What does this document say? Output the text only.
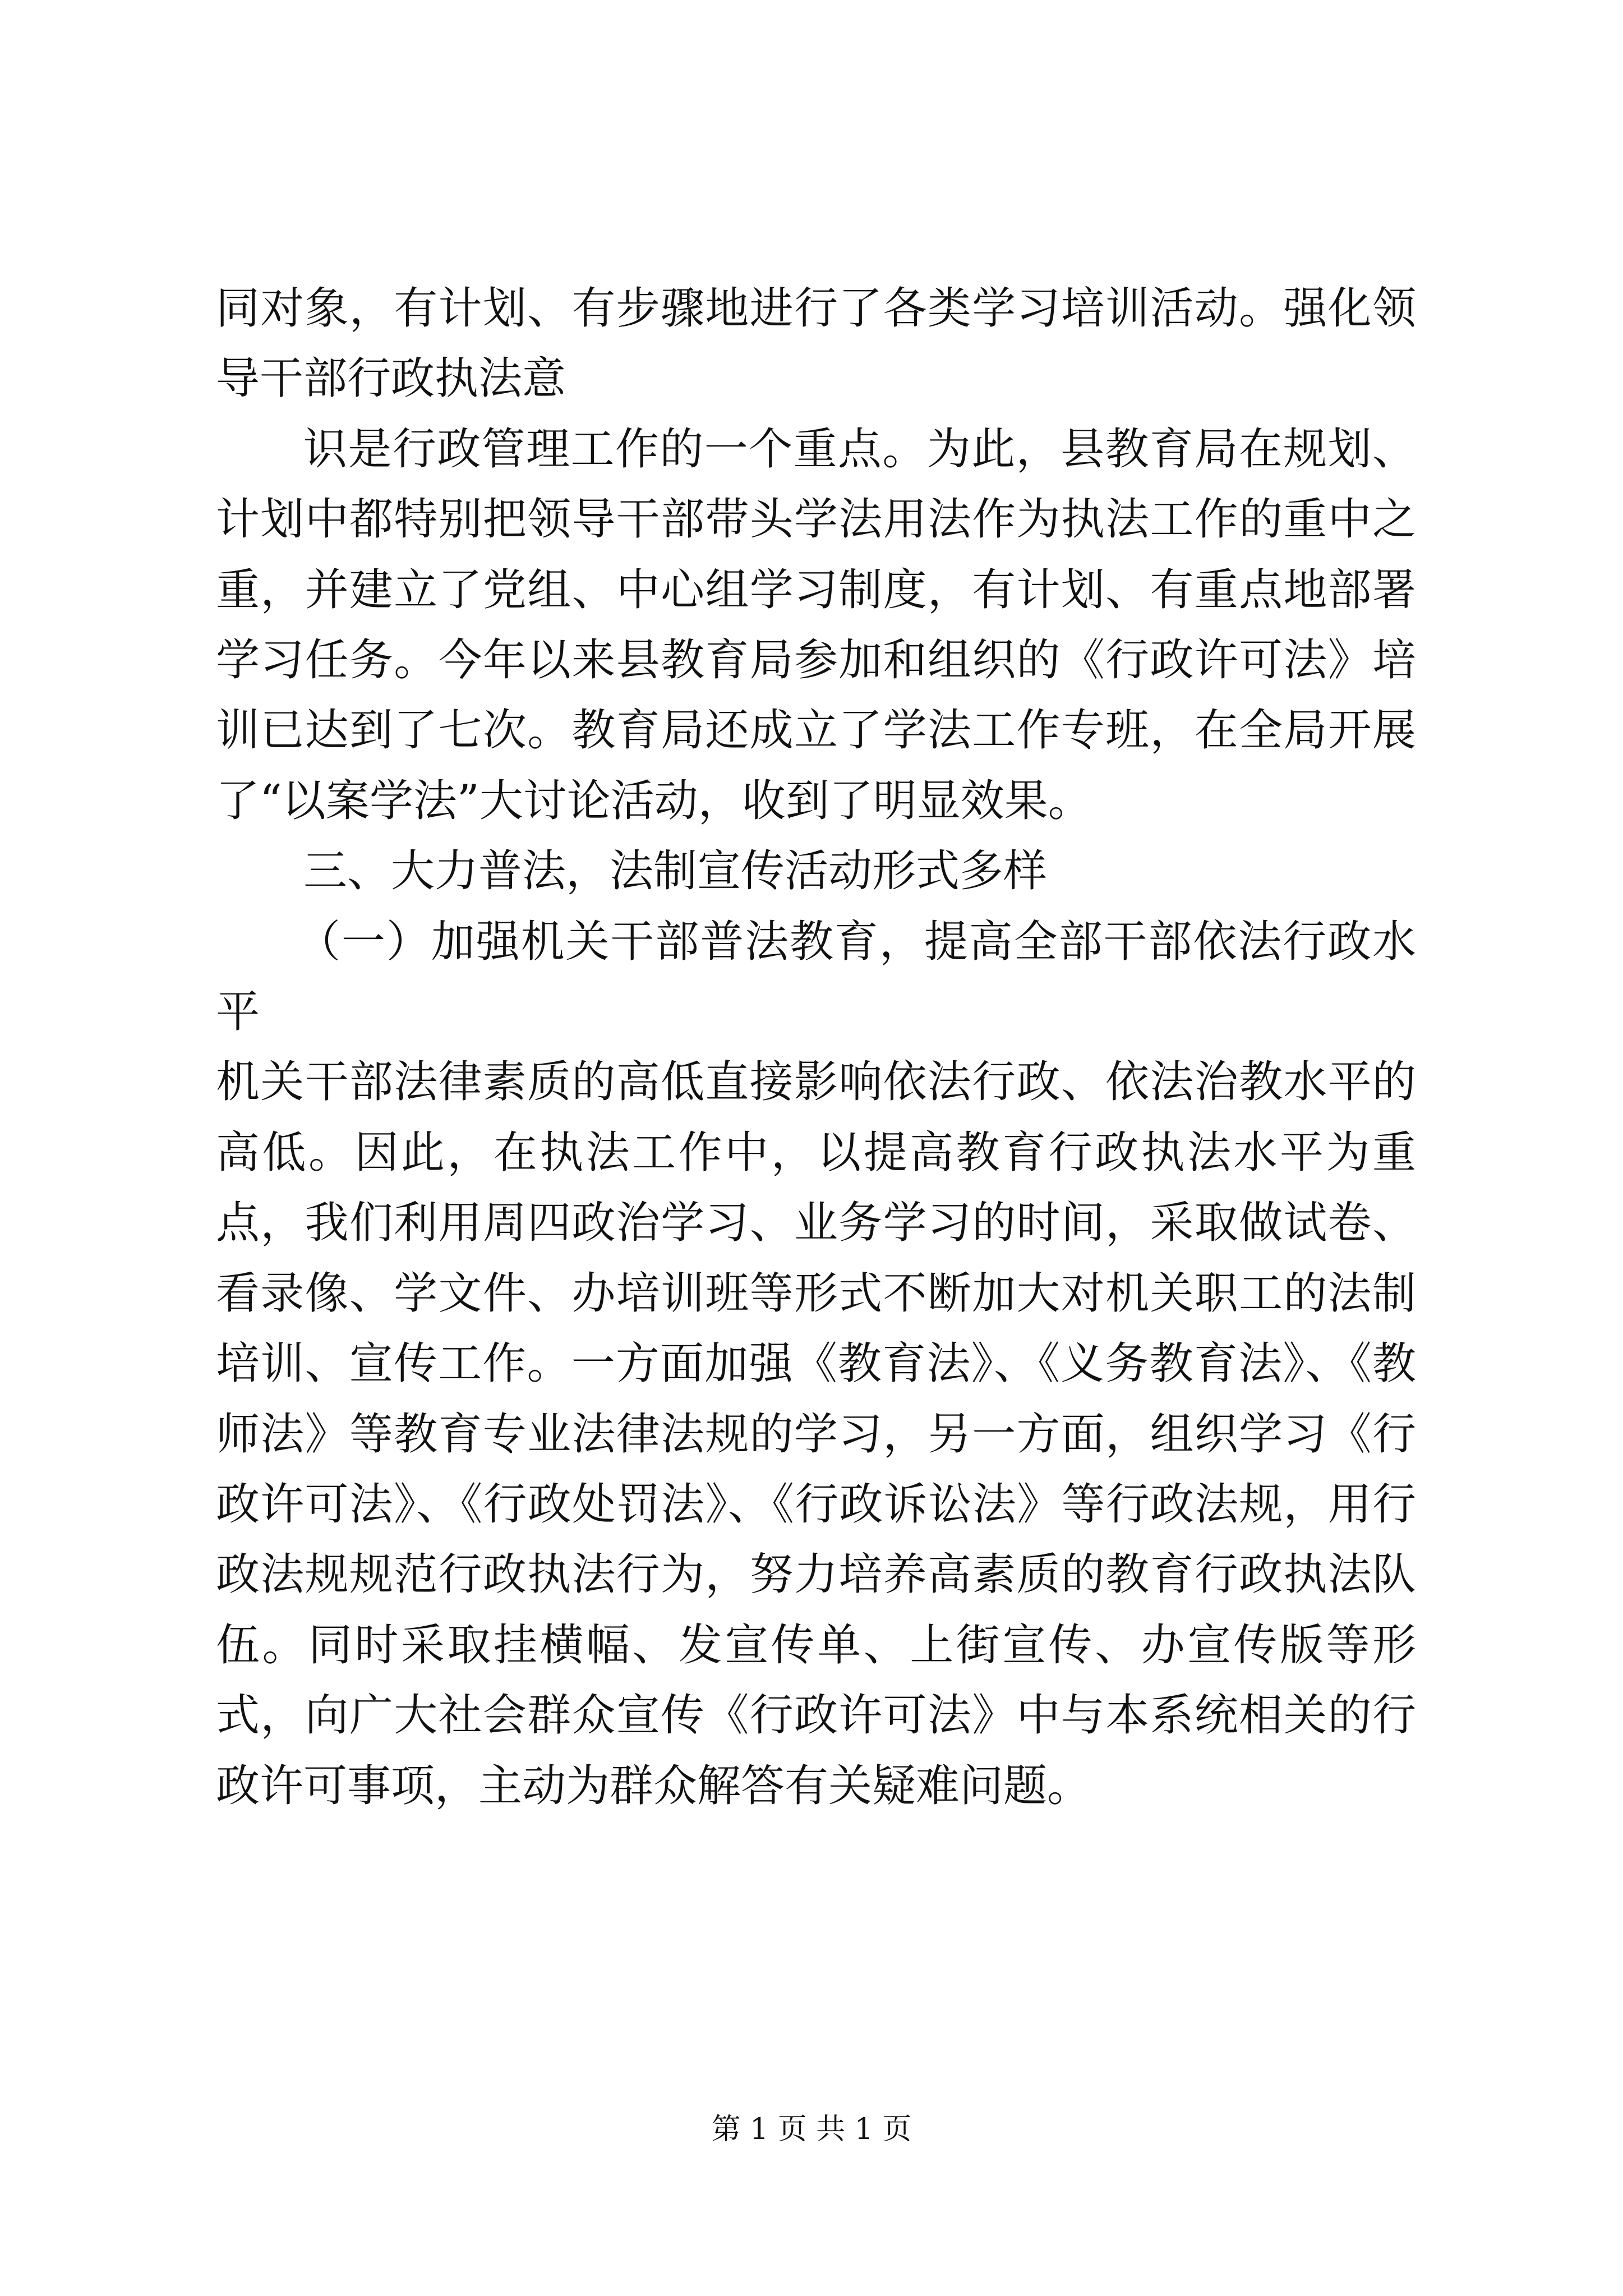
同对象，有计划、有步骤地进行了各类学习培训活动。强化领导干部行政执法意

识是行政管理工作的一个重点。为此，县教育局在规划、计划中都特别把领导干部带头学法用法作为执法工作的重中之重，并建立了党组、中心组学习制度，有计划、有重点地部署学习任务。今年以来县教育局参加和组织的《行政许可法》培训已达到了七次。教育局还成立了学法工作专班，在全局开展了“以案学法”大讨论活动，收到了明显效果。

三、大力普法，法制宣传活动形式多样

（一）加强机关干部普法教育，提高全部干部依法行政水平

机关干部法律素质的高低直接影响依法行政、依法治教水平的高低。因此，在执法工作中，以提高教育行政执法水平为重点，我们利用周四政治学习、业务学习的时间，采取做试卷、看录像、学文件、办培训班等形式不断加大对机关职工的法制培训、宣传工作。一方面加强《教育法》、《义务教育法》、《教师法》等教育专业法律法规的学习，另一方面，组织学习《行政许可法》、《行政处罚法》、《行政诉讼法》等行政法规，用行政法规规范行政执法行为，努力培养高素质的教育行政执法队伍。同时采取挂横幅、发宣传单、上街宣传、办宣传版等形式，向广大社会群众宣传《行政许可法》中与本系统相关的行政许可事项，主动为群众解答有关疑难问题。

第 1 页 共 1 页
